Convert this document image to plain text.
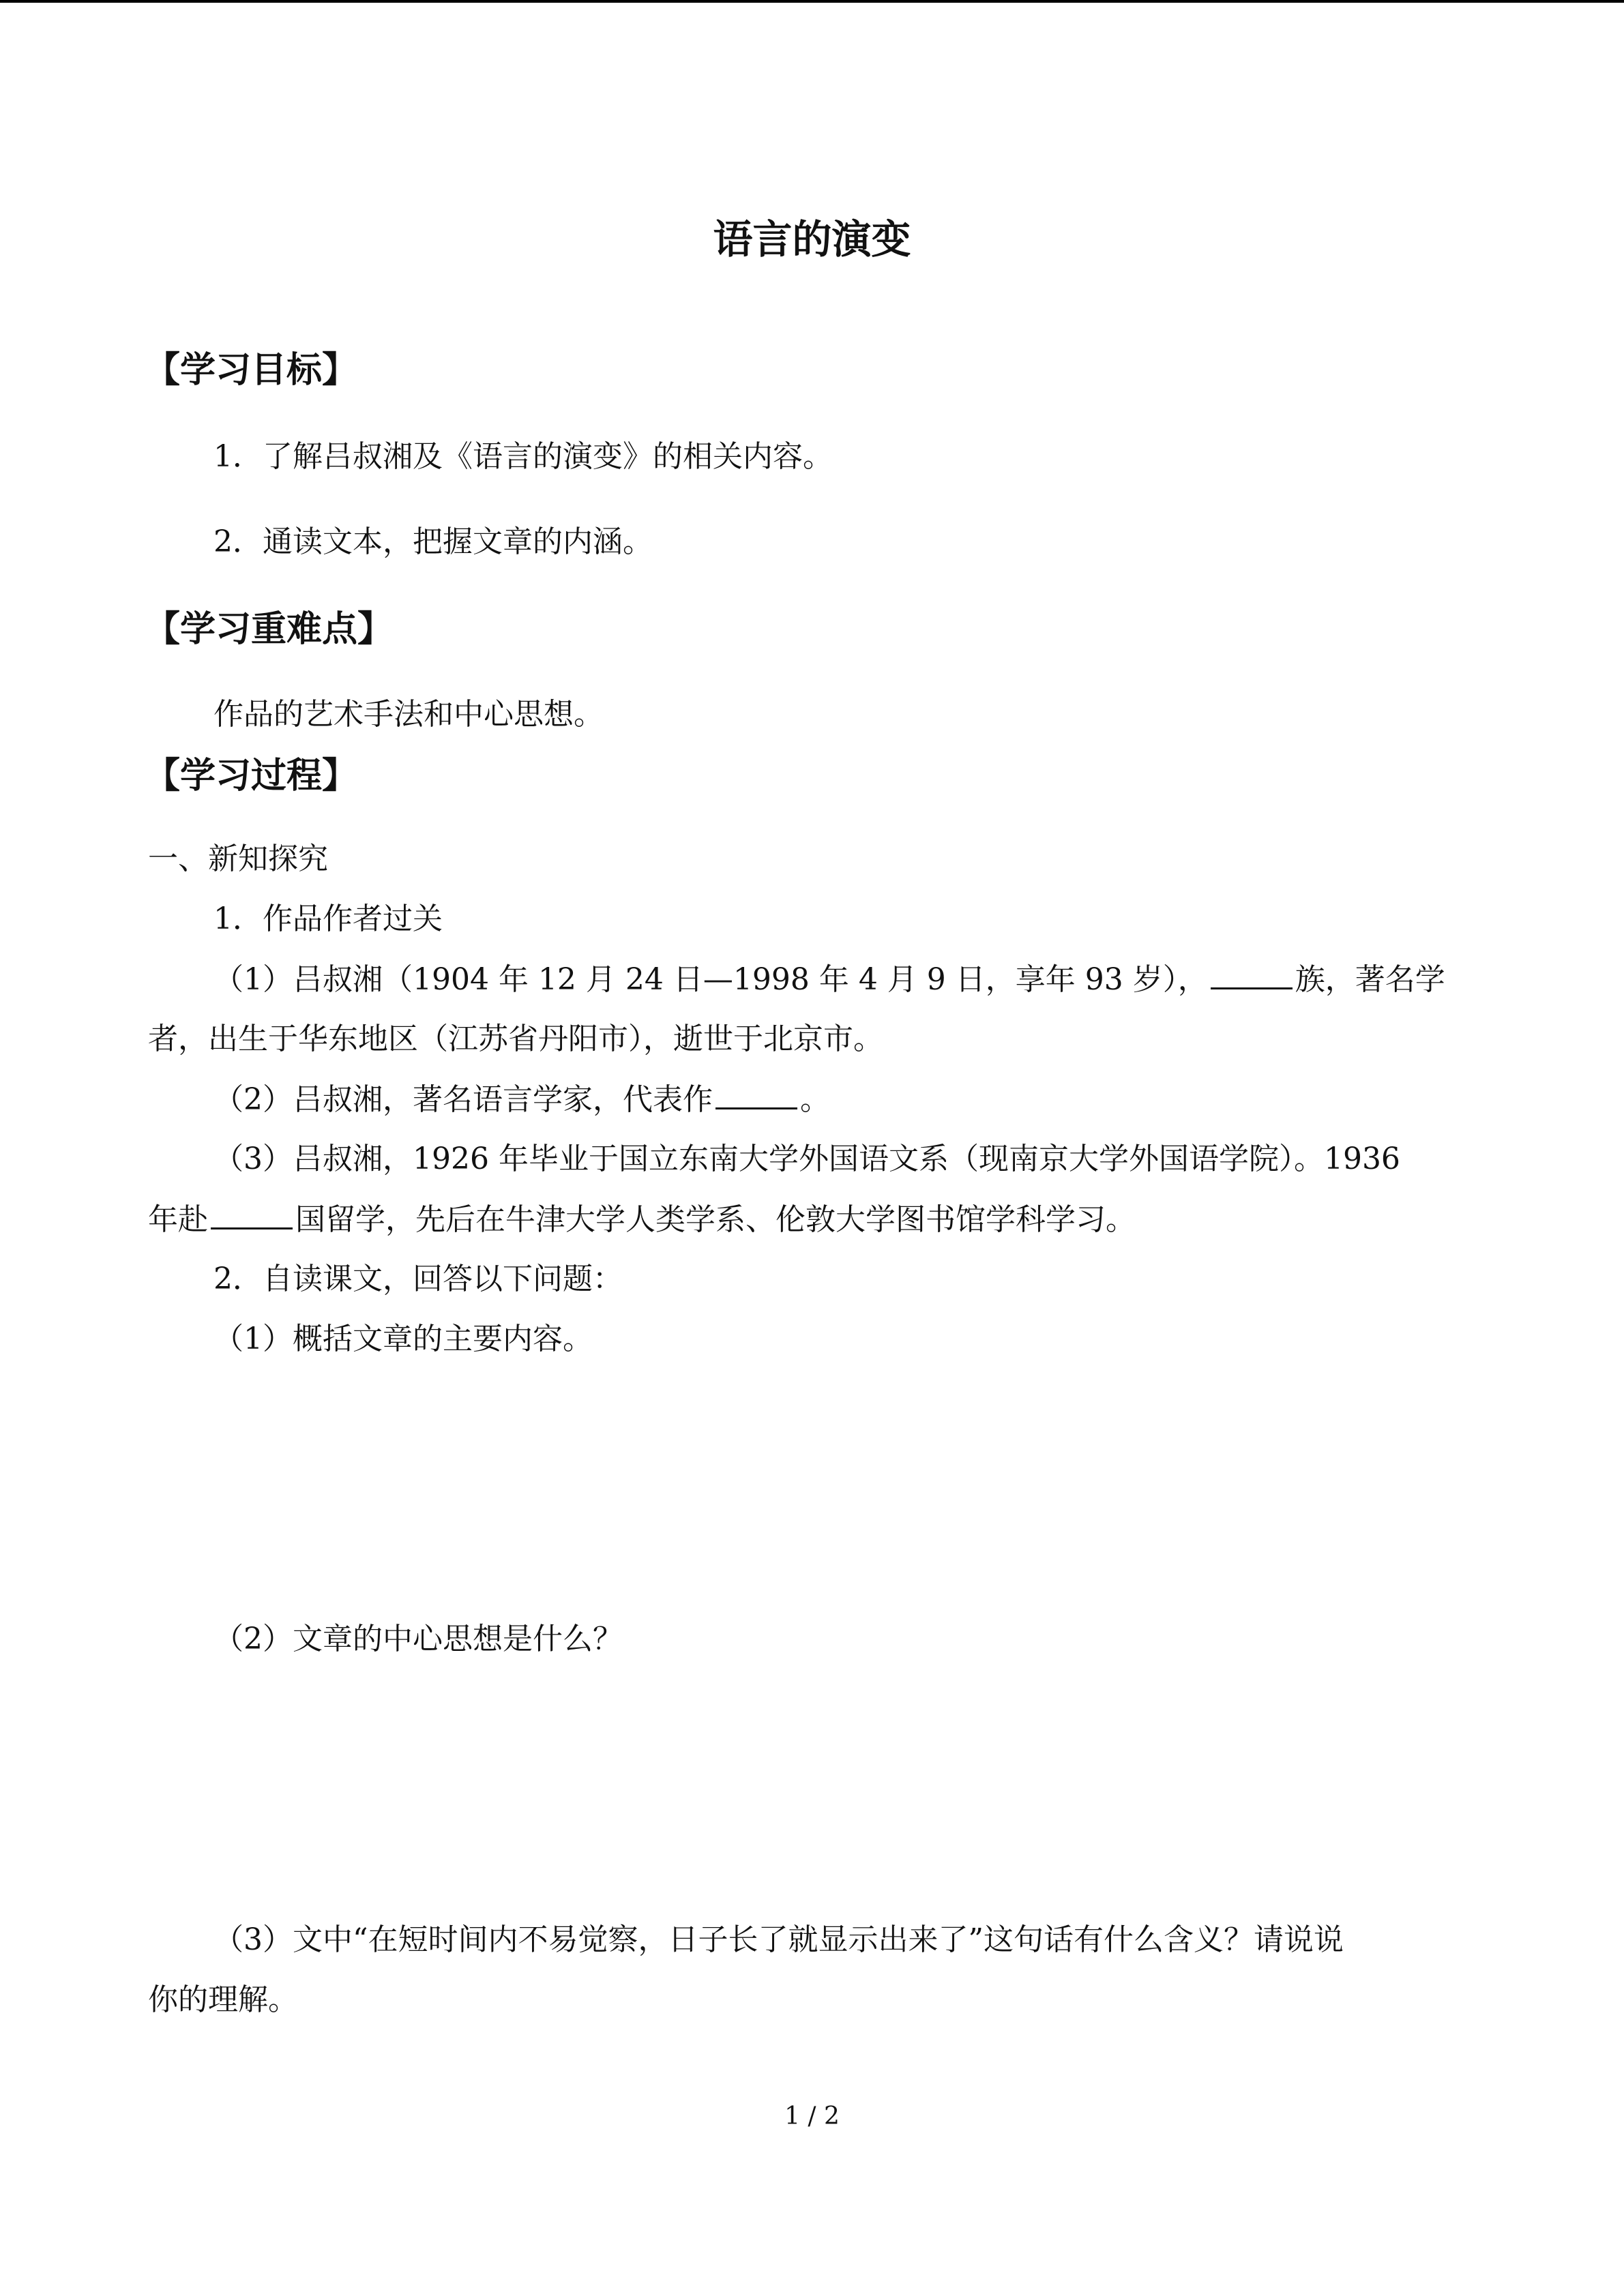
语言的演变
【学习目标】
1．了解吕叔湘及《语言的演变》的相关内容。
2．通读文本，把握文章的内涵。
【学习重难点】
作品的艺术手法和中心思想。
【学习过程】
一、新知探究
1．作品作者过关
（1）吕叔湘（1904 年 12 月 24 日—1998 年 4 月 9 日，享年 93 岁），	族，著名学
者，出生于华东地区（江苏省丹阳市），逝世于北京市。
（2）吕叔湘，著名语言学家，代表作	。
（3）吕叔湘，1926 年毕业于国立东南大学外国语文系（现南京大学外国语学院）。1936
年赴	国留学，先后在牛津大学人类学系、伦敦大学图书馆学科学习。
2．自读课文，回答以下问题：
（1）概括文章的主要内容。
（2）文章的中心思想是什么？
（3）文中“在短时间内不易觉察，日子长了就显示出来了”这句话有什么含义？请说说
你的理解。
1 / 2
